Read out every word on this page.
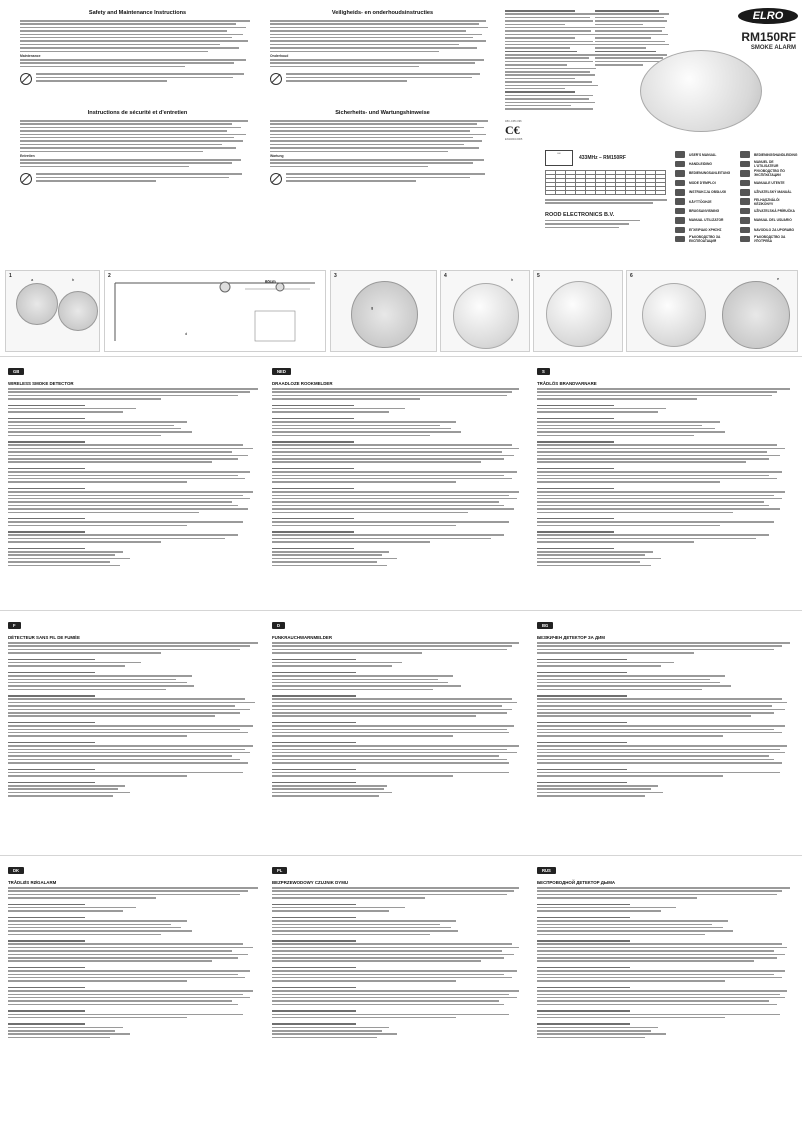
Safety and Maintenance Instructions
Maintenance
Instructions de sécurité et d'entretien
Entretien
Veiligheids- en onderhoudsinstructies
Onderhoud
Sicherheits- und Wartungshinweise
Wartung
1BC-CPD-096
C€
EN14604:2005
ELRO
RM150RF
SMOKE ALARM
•••
433MHz – RM150RF

ROOD ELECTRONICS B.V.
USER'S MANUAL
HANDLEIDING
BEDIENUNGSANLEITUNG
MODE D'EMPLOI
INSTRUKCJA OBSŁUGI
KÄYTTÖOHJE
BRUGSANVISNING
MANUAL UTILIZATOR
ΕΓΧΕΙΡΙΔΙΟ ΧΡΗΣΗΣ
РЪКОВОДСТВО ЗА ЕКСПЛОАТАЦИЯ
BEDIENINGSHANDLEIDING
MANUEL DE L'UTILISATEUR
РУКОВОДСТВО ПО ЭКСПЛУАТАЦИИ
MANUALE UTENTE
UŽIVATELSKÝ MANUÁL
FELHASZNÁLÓI KÉZIKÖNYV
UŽIVATEĽSKÁ PRÍRUČKA
MANUAL DEL USUARIO
NAVODILO ZA UPORABO
РЪКОВОДСТВО ЗА УПОТРЕБА
1
a	b
2
60cm
d
3
g
4
h
5	6	e
GB
WIRELESS SMOKE DETECTOR
NED
DRAADLOZE ROOKMELDER
S
TRÅDLÖS BRANDVARNARE
F
DÉTECTEUR SANS FIL DE FUMÉE
D
FUNKRAUCHWARNMELDER
BG
БЕЗЖИЧЕН ДЕТЕКТОР ЗА ДИМ
DK
TRÅDLØS RØGALARM
PL
BEZPRZEWODOWY CZUJNIK DYMU
RUS
БЕСПРОВОДНОЙ ДЕТЕКТОР ДЫМА
